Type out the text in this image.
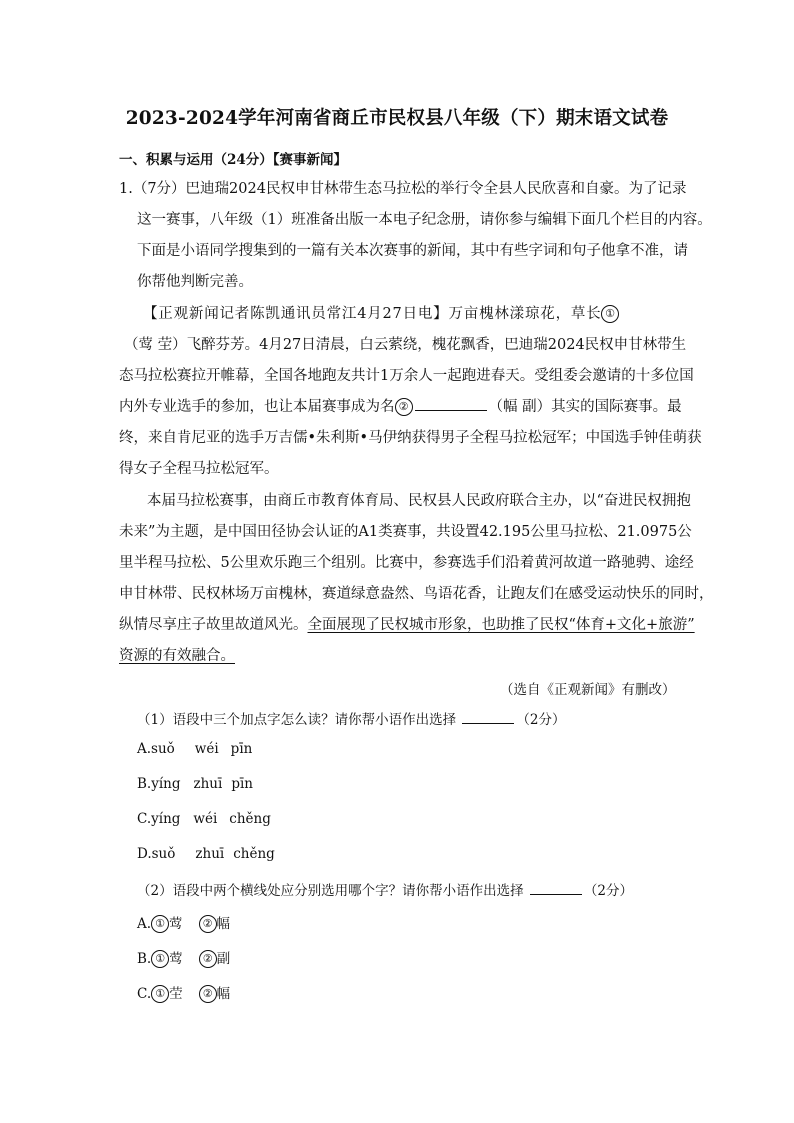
2023-2024学年河南省商丘市民权县八年级（下）期末语文试卷
一、积累与运用（24分）【赛事新闻】
1.（7分）巴迪瑞2024民权申甘林带生态马拉松的举行令全县人民欣喜和自豪。为了记录
这一赛事，八年级（1）班准备出版一本电子纪念册，请你参与编辑下面几个栏目的内容。
下面是小语同学搜集到的一篇有关本次赛事的新闻，其中有些字词和句子他拿不准，请
你帮他判断完善。
【正观新闻记者陈凯通讯员常江4月27日电】万亩槐林漾琼花，草长 ①
（莺 茔）飞醉芬芳。4月27日清晨，白云萦绕，槐花飘香，巴迪瑞2024民权申甘林带生
态马拉松赛拉开帷幕，全国各地跑友共计1万余人一起跑进春天。受组委会邀请的十多位国
内外专业选手的参加，也让本届赛事成为名 ②	（幅 副）其实的国际赛事。最
终，来自肯尼亚的选手万吉儒•朱利斯•马伊纳获得男子全程马拉松冠军；中国选手钟佳萌获
得女子全程马拉松冠军。
本届马拉松赛事，由商丘市教育体育局、民权县人民政府联合主办，以“奋进民权拥抱
未来”为主题，是中国田径协会认证的A1类赛事，共设置42.195公里马拉松、21.0975公
里半程马拉松、5公里欢乐跑三个组别。比赛中，参赛选手们沿着黄河故道一路驰骋、途经
申甘林带、民权林场万亩槐林，赛道绿意盎然、鸟语花香，让跑友们在感受运动快乐的同时，
纵情尽享庄子故里故道风光。全面展现了民权城市形象，也助推了民权“体育+文化+旅游”
资源的有效融合。
（选自《正观新闻》有删改）
（1）语段中三个加点字怎么读？请你帮小语作出选择	（2分）
A.suǒ wéi pīn
B.yíng zhuī pīn
C.yíng wéi chěng
D.suǒ zhuī chěng
（2）语段中两个横线处应分别选用哪个字？请你帮小语作出选择	（2分）
A. ① 莺 ② 幅
B. ① 莺 ② 副
C. ① 茔 ② 幅
